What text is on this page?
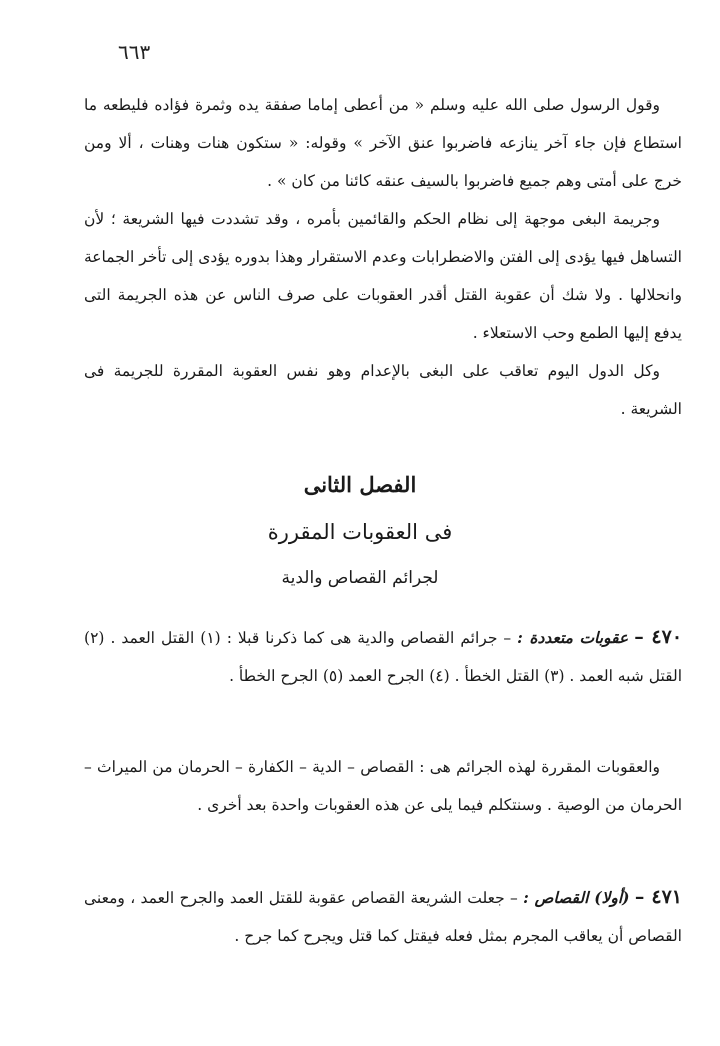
٦٦٣

وقول الرسول صلى الله عليه وسلم « من أعطى إماما صفقة يده وثمرة فؤاده فليطعه ما استطاع فإن جاء آخر ينازعه فاضربوا عنق الآخر » وقوله: « ستكون هنات وهنات ، ألا ومن خرج على أمتى وهم جميع فاضربوا بالسيف عنقه كائنا من كان » .

وجريمة البغى موجهة إلى نظام الحكم والقائمين بأمره ، وقد تشددت فيها الشريعة ؛ لأن التساهل فيها يؤدى إلى الفتن والاضطرابات وعدم الاستقرار وهذا بدوره يؤدى إلى تأخر الجماعة وانحلالها . ولا شك أن عقوبة القتل أقدر العقوبات على صرف الناس عن هذه الجريمة التى يدفع إليها الطمع وحب الاستعلاء .

وكل الدول اليوم تعاقب على البغى بالإعدام وهو نفس العقوبة المقررة للجريمة فى الشريعة .

الفصل الثانى
فى العقوبات المقررة
لجرائم القصاص والدية

٤٧٠ – عقوبات متعددة : – جرائم القصاص والدية هى كما ذكرنا قبلا : (١) القتل العمد . (٢) القتل شبه العمد . (٣) القتل الخطأ . (٤) الجرح العمد (٥) الجرح الخطأ .

والعقوبات المقررة لهذه الجرائم هى : القصاص – الدية – الكفارة – الحرمان من الميراث – الحرمان من الوصية . وسنتكلم فيما يلى عن هذه العقوبات واحدة بعد أخرى .

٤٧١ – (أولا) القصاص : – جعلت الشريعة القصاص عقوبة للقتل العمد والجرح العمد ، ومعنى القصاص أن يعاقب المجرم بمثل فعله فيقتل كما قتل ويجرح كما جرح .
